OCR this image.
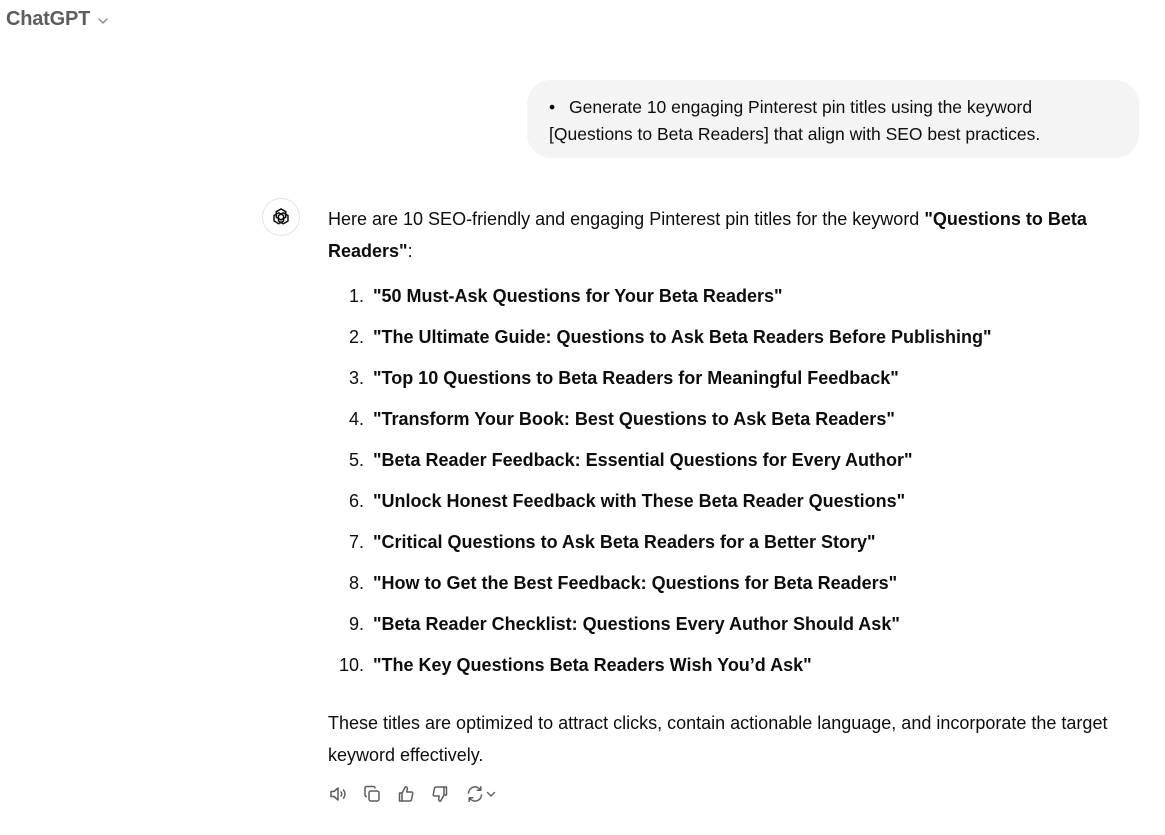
ChatGPT
• Generate 10 engaging Pinterest pin titles using the keyword
[Questions to Beta Readers] that align with SEO best practices.
Here are 10 SEO-friendly and engaging Pinterest pin titles for the keyword "Questions to Beta Readers":
1. "50 Must-Ask Questions for Your Beta Readers"
2. "The Ultimate Guide: Questions to Ask Beta Readers Before Publishing"
3. "Top 10 Questions to Beta Readers for Meaningful Feedback"
4. "Transform Your Book: Best Questions to Ask Beta Readers"
5. "Beta Reader Feedback: Essential Questions for Every Author"
6. "Unlock Honest Feedback with These Beta Reader Questions"
7. "Critical Questions to Ask Beta Readers for a Better Story"
8. "How to Get the Best Feedback: Questions for Beta Readers"
9. "Beta Reader Checklist: Questions Every Author Should Ask"
10. "The Key Questions Beta Readers Wish You’d Ask"
These titles are optimized to attract clicks, contain actionable language, and incorporate the target keyword effectively.
